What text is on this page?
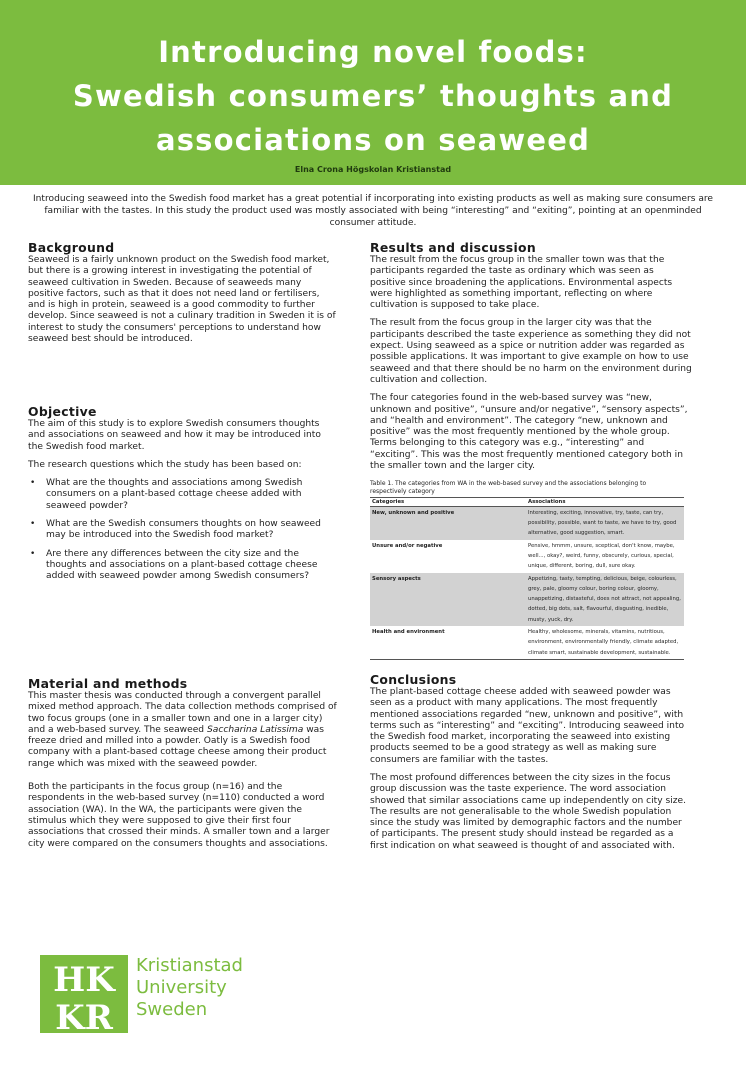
Introducing novel foods:
Swedish consumers’ thoughts and
associations on seaweed
Elna Crona Högskolan Kristianstad
Introducing seaweed into the Swedish food market has a great potential if incorporating into existing products as well as making sure consumers are familiar with the tastes. In this study the product used was mostly associated with being “interesting” and “exiting”, pointing at an openminded consumer attitude.
Background

Seaweed is a fairly unknown product on the Swedish food market, but there is a growing interest in investigating the potential of seaweed cultivation in Sweden. Because of seaweeds many positive factors, such as that it does not need land or fertilisers, and is high in protein, seaweed is a good commodity to further develop. Since seaweed is not a culinary tradition in Sweden it is of interest to study the consumers' perceptions to understand how seaweed best should be introduced.

Objective

The aim of this study is to explore Swedish consumers thoughts and associations on seaweed and how it may be introduced into the Swedish food market.

The research questions which the study has been based on:

• What are the thoughts and associations among Swedish consumers on a plant-based cottage cheese added with seaweed powder?
• What are the Swedish consumers thoughts on how seaweed may be introduced into the Swedish food market?
• Are there any differences between the city size and the thoughts and associations on a plant-based cottage cheese added with seaweed powder among Swedish consumers?
Material and methods

This master thesis was conducted through a convergent parallel mixed method approach. The data collection methods comprised of two focus groups (one in a smaller town and one in a larger city) and a web-based survey. The seaweed Saccharina Latissima was freeze dried and milled into a powder. Oatly is a Swedish food company with a plant-based cottage cheese among their product range which was mixed with the seaweed powder.

Both the participants in the focus group (n=16) and the respondents in the web-based survey (n=110) conducted a word association (WA). In the WA, the participants were given the stimulus which they were supposed to give their first four associations that crossed their minds. A smaller town and a larger city were compared on the consumers thoughts and associations.

Results and discussion

The result from the focus group in the smaller town was that the participants regarded the taste as ordinary which was seen as positive since broadening the applications. Environmental aspects were highlighted as something important, reflecting on where cultivation is supposed to take place.

The result from the focus group in the larger city was that the participants described the taste experience as something they did not expect. Using seaweed as a spice or nutrition adder was regarded as possible applications. It was important to give example on how to use seaweed and that there should be no harm on the environment during cultivation and collection.

The four categories found in the web-based survey was “new, unknown and positive”, “unsure and/or negative”, “sensory aspects”, and “health and environment”. The category “new, unknown and positive” was the most frequently mentioned by the whole group. Terms belonging to this category was e.g., “interesting” and “exciting”. This was the most frequently mentioned category both in the smaller town and the larger city.

Table 1. The categories from WA in the web-based survey and the associations belonging to respectively category
Categories	Associations
New, unknown and positive	Interesting, exciting, innovative, try, taste, can try, possibility, possible, want to taste, we have to try, good alternative, good suggestion, smart.
Unsure and/or negative	Pensive, hmmm, unsure, sceptical, don't know, maybe, well..., okay?, weird, funny, obscurely, curious, special, unique, different, boring, dull, sure okay.
Sensory aspects	Appetizing, tasty, tempting, delicious, beige, colourless, grey, pale, gloomy colour, boring colour, gloomy, unappetizing, distasteful, does not attract, not appealing, dotted, big dots, salt, flavourful, disgusting, inedible, musty, yuck, dry.
Health and environment	Healthy, wholesome, minerals, vitamins, nutritious, environment, environmentally friendly, climate adapted, climate smart, sustainable development, sustainable.
Conclusions

The plant-based cottage cheese added with seaweed powder was seen as a product with many applications. The most frequently mentioned associations regarded “new, unknown and positive”, with terms such as “interesting” and “exciting”. Introducing seaweed into the Swedish food market, incorporating the seaweed into existing products seemed to be a good strategy as well as making sure consumers are familiar with the tastes.

The most profound differences between the city sizes in the focus group discussion was the taste experience. The word association showed that similar associations came up independently on city size. The results are not generalisable to the whole Swedish population since the study was limited by demographic factors and the number of participants. The present study should instead be regarded as a first indication on what seaweed is thought of and associated with.

HK
KR
Kristianstad
University
Sweden
